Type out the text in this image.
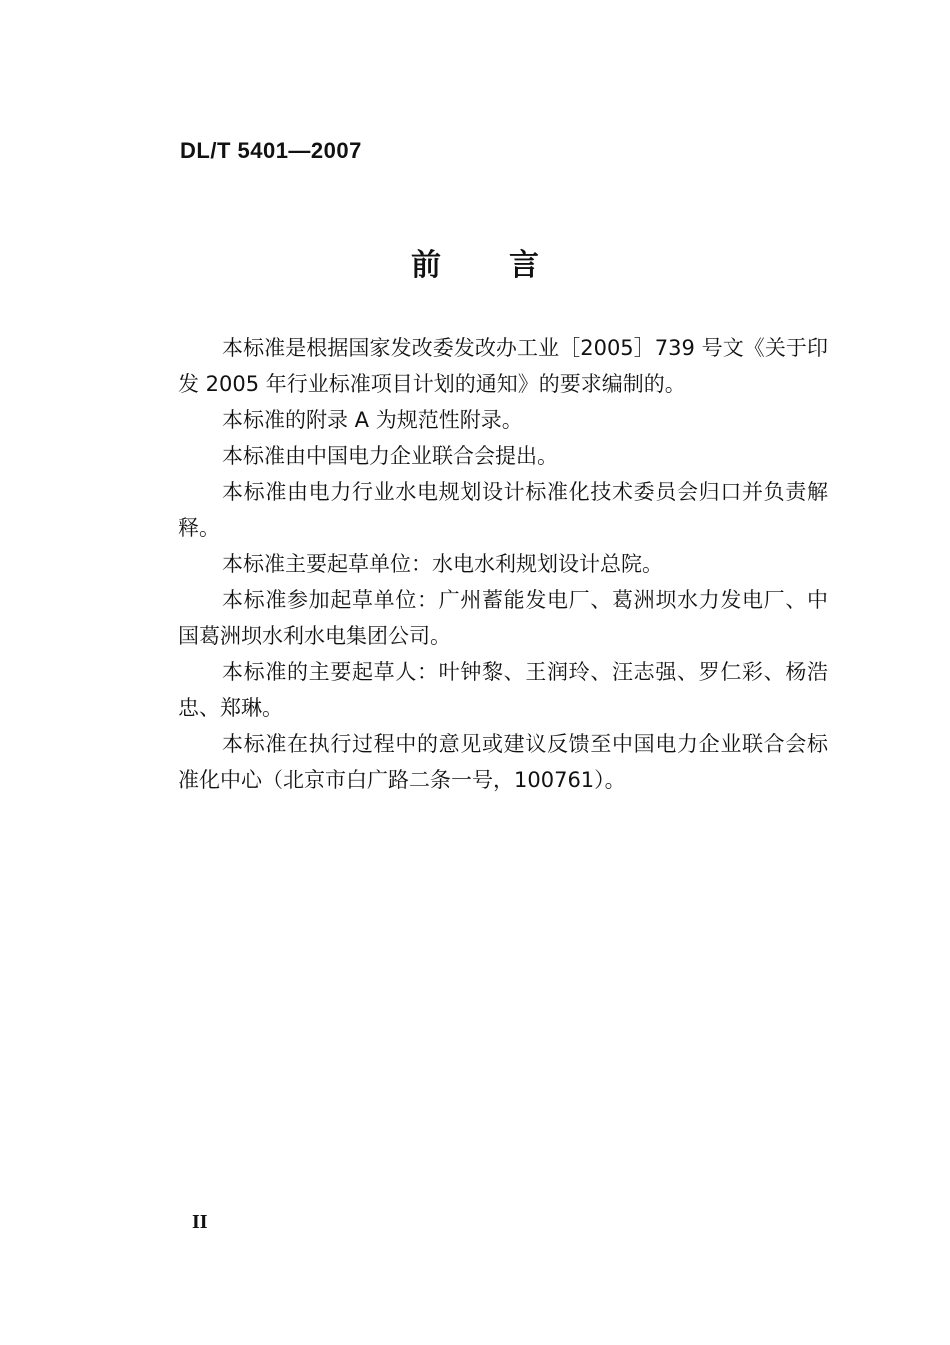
DL/T 5401—2007
前 言

本标准是根据国家发改委发改办工业［2005］739 号文《关于印发 2005 年行业标准项目计划的通知》的要求编制的。

本标准的附录 A 为规范性附录。

本标准由中国电力企业联合会提出。

本标准由电力行业水电规划设计标准化技术委员会归口并负责解释。

本标准主要起草单位：水电水利规划设计总院。

本标准参加起草单位：广州蓄能发电厂、葛洲坝水力发电厂、中国葛洲坝水利水电集团公司。

本标准的主要起草人：叶钟黎、王润玲、汪志强、罗仁彩、杨浩忠、郑琳。

本标准在执行过程中的意见或建议反馈至中国电力企业联合会标准化中心（北京市白广路二条一号，100761）。

II
